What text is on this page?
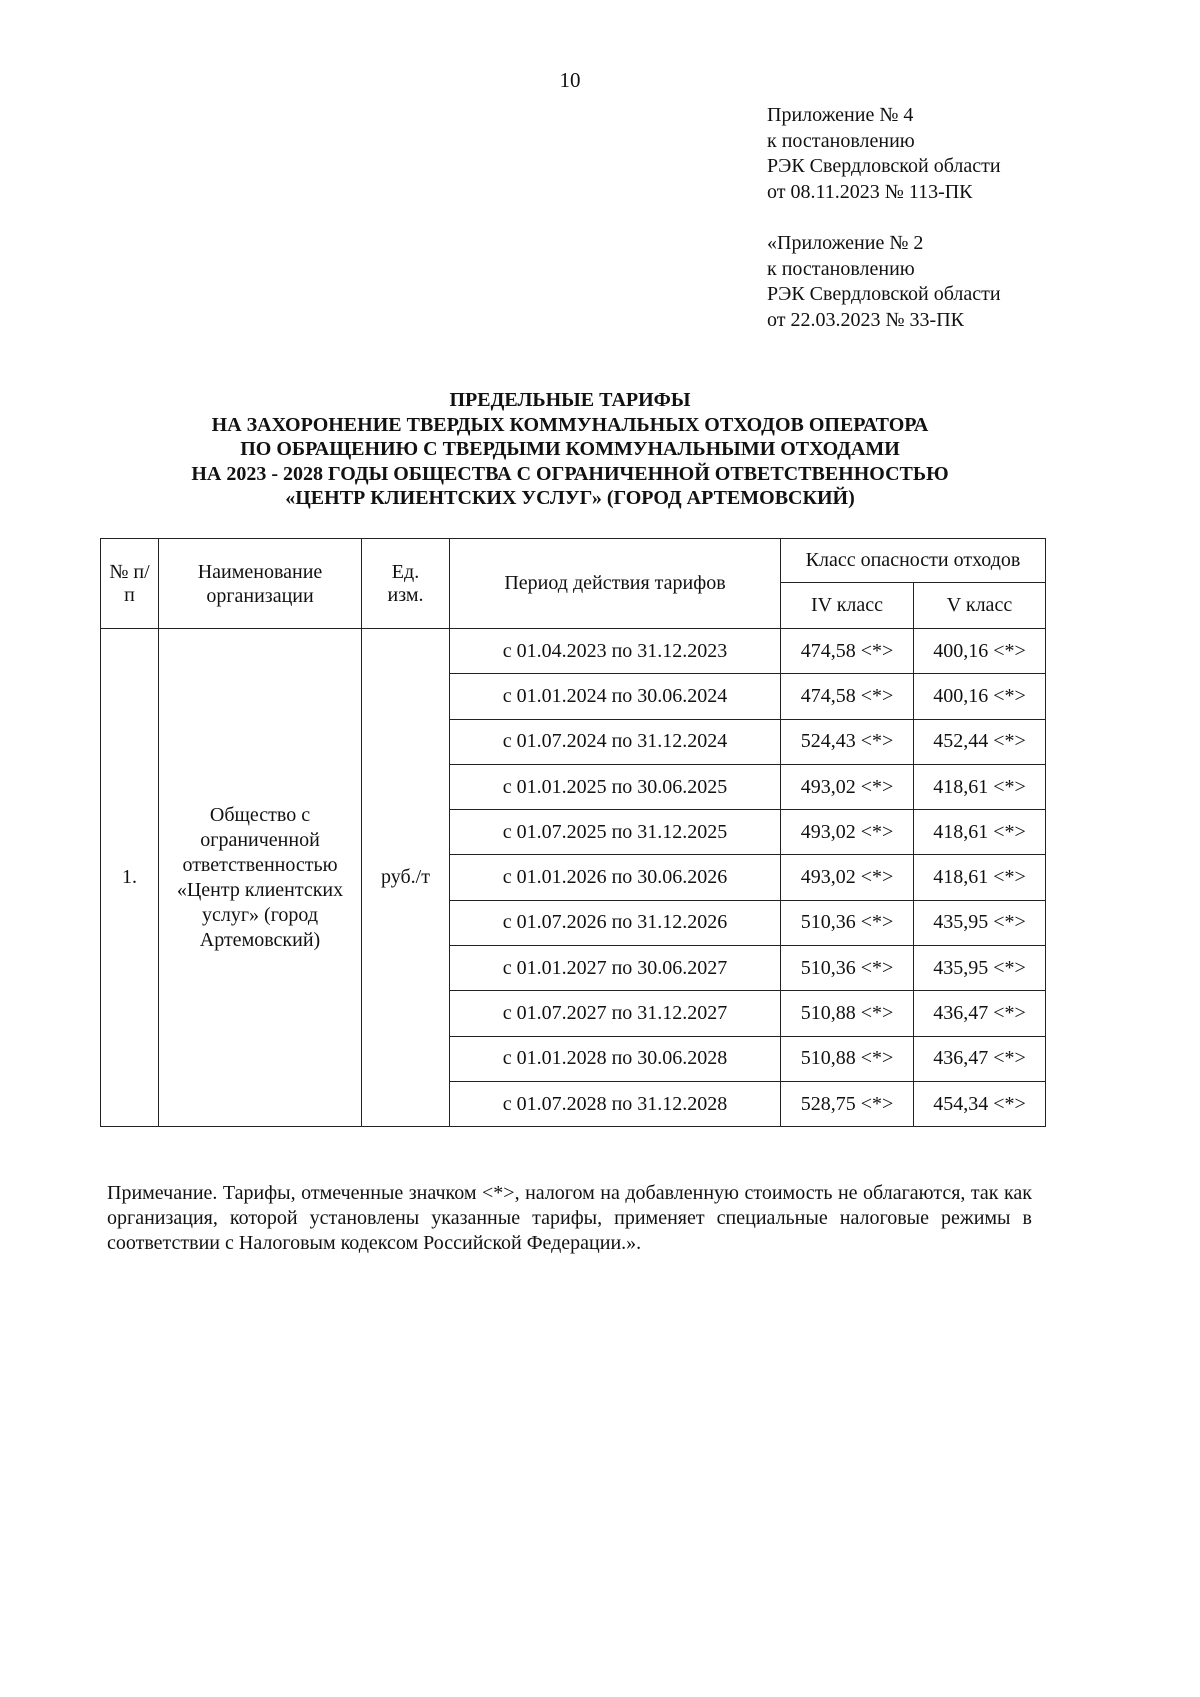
10
Приложение № 4
к постановлению
РЭК Свердловской области
от 08.11.2023 № 113-ПК
«Приложение № 2
к постановлению
РЭК Свердловской области
от 22.03.2023 № 33-ПК
ПРЕДЕЛЬНЫЕ ТАРИФЫ
НА ЗАХОРОНЕНИЕ ТВЕРДЫХ КОММУНАЛЬНЫХ ОТХОДОВ ОПЕРАТОРА
ПО ОБРАЩЕНИЮ С ТВЕРДЫМИ КОММУНАЛЬНЫМИ ОТХОДАМИ
НА 2023 - 2028 ГОДЫ ОБЩЕСТВА С ОГРАНИЧЕННОЙ ОТВЕТСТВЕННОСТЬЮ
«ЦЕНТР КЛИЕНТСКИХ УСЛУГ» (ГОРОД АРТЕМОВСКИЙ)
№ п/п	Наименование организации	Ед. изм.	Период действия тарифов	Класс опасности отходов	
				IV класс	V класс
1.	Общество с ограниченной ответственностью «Центр клиентских услуг» (город Артемовский)	руб./т	с 01.04.2023 по 31.12.2023	474,58 <*>	400,16 <*>
			с 01.01.2024 по 30.06.2024	474,58 <*>	400,16 <*>
			с 01.07.2024 по 31.12.2024	524,43 <*>	452,44 <*>
			с 01.01.2025 по 30.06.2025	493,02 <*>	418,61 <*>
			с 01.07.2025 по 31.12.2025	493,02 <*>	418,61 <*>
			с 01.01.2026 по 30.06.2026	493,02 <*>	418,61 <*>
			с 01.07.2026 по 31.12.2026	510,36 <*>	435,95 <*>
			с 01.01.2027 по 30.06.2027	510,36 <*>	435,95 <*>
			с 01.07.2027 по 31.12.2027	510,88 <*>	436,47 <*>
			с 01.01.2028 по 30.06.2028	510,88 <*>	436,47 <*>
			с 01.07.2028 по 31.12.2028	528,75 <*>	454,34 <*>
Примечание. Тарифы, отмеченные значком <*>, налогом на добавленную стоимость не облагаются, так как организация, которой установлены указанные тарифы, применяет специальные налоговые режимы в соответствии с Налоговым кодексом Российской Федерации.».
